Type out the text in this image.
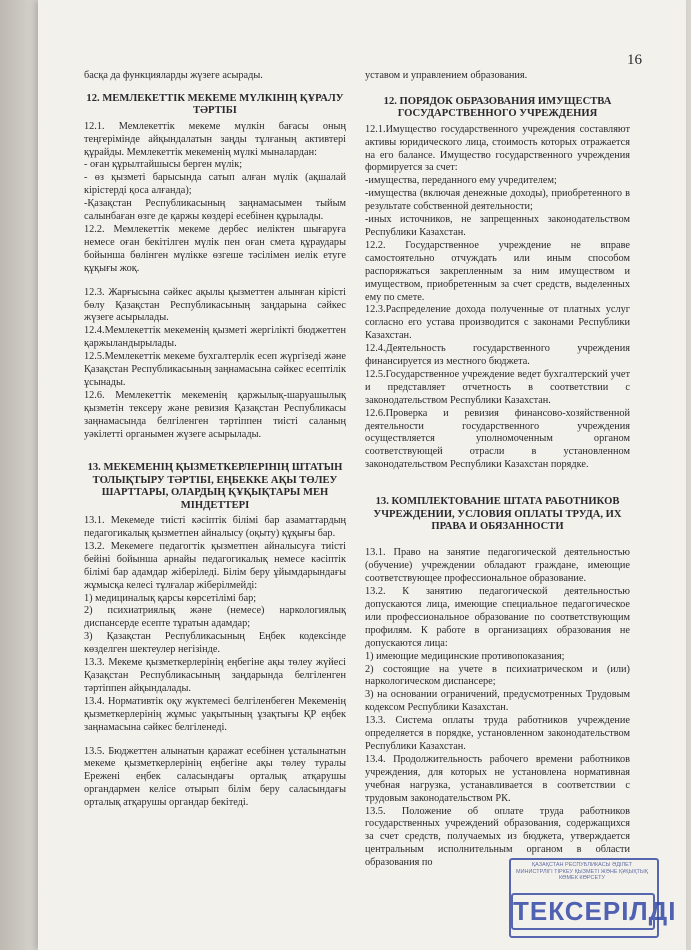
16

басқа да функцияларды жүзеге асырады.

12. МЕМЛЕКЕТТІК МЕКЕМЕ МҮЛКІНІҢ ҚҰРАЛУ ТӘРТІБІ

12.1. Мемлекеттік мекеме мүлкін бағасы оның теңгерімінде айқындалатын заңды тұлғаның активтері құрайды. Мемлекеттік мекеменің мүлкі мыналардан:

- оған құрылтайшысы берген мүлік;

- өз қызметі барысында сатып алған мүлік (ақшалай кірістерді қоса алғанда);

-Қазақстан Республикасының заңнамасымен тыйым салынбаған өзге де қаржы көздері есебінен құрылады.

12.2. Мемлекеттік мекеме дербес иеліктен шығаруға немесе оған бекітілген мүлік пен оған смета құраудары бойынша бөлінген мүлікке өзгеше тәсілімен иелік етуге құқығы жоқ.

12.3. Жарғысына сәйкес ақылы қызметтен алынған кірісті бөлу Қазақстан Республикасының заңдарына сәйкес жүзеге асырылады.

12.4.Мемлекеттік мекеменің қызметі жергілікті бюджеттен қаржыландырылады.

12.5.Мемлекеттік мекеме бухгалтерлік есеп жүргізеді және Қазақстан Республикасының заңнамасына сәйкес есептілік ұсынады.

12.6. Мемлекеттік мекеменің қаржылық-шаруашылық қызметін тексеру және ревизия Қазақстан Республикасы заңнамасында белгіленген тәртіппен тиісті саланың уәкілетті органымен жүзеге асырылады.

13. МЕКЕМЕНІҢ ҚЫЗМЕТКЕРЛЕРІНІҢ ШТАТЫН ТОЛЫҚТЫРУ ТӘРТІБІ, ЕҢБЕККЕ АҚЫ ТӨЛЕУ ШАРТТАРЫ, ОЛАРДЫҢ ҚҰҚЫҚТАРЫ МЕН МІНДЕТТЕРІ

13.1. Мекемеде тиісті кәсіптік білімі бар азаматтардың педагогикалық қызметпен айналысу (оқыту) құқығы бар.

13.2. Мекемеге педагогтік қызметпен айналысуға тиісті бейіні бойынша арнайы педагогикалық немесе кәсіптік білімі бар адамдар жіберіледі. Білім беру ұйымдарындағы жұмысқа келесі тұлғалар жіберілмейді:

1) медициналық қарсы көрсетілімі бар;

2) психиатриялық және (немесе) наркологиялық диспансерде есепте тұратын адамдар;

3) Қазақстан Республикасының Еңбек кодексінде көзделген шектеулер негізінде.

13.3. Мекеме қызметкерлерінің еңбегіне ақы төлеу жүйесі Қазақстан Республикасының заңдарында белгіленген тәртіппен айқындалады.

13.4. Нормативтік оқу жүктемесі белгіленбеген Мекеменің қызметкерлерінің жұмыс уақытының ұзақтығы ҚР еңбек заңнамасына сәйкес белгіленеді.

13.5. Бюджеттен алынатын қаражат есебінен ұсталынатын мекеме қызметкерлерінің еңбегіне ақы төлеу туралы Ережені еңбек саласындағы орталық атқарушы органдармен келісе отырып білім беру саласындағы орталық атқарушы органдар бекітеді.

уставом и управлением образования.

12. ПОРЯДОК ОБРАЗОВАНИЯ ИМУЩЕСТВА ГОСУДАРСТВЕННОГО УЧРЕЖДЕНИЯ

12.1.Имущество государственного учреждения составляют активы юридического лица, стоимость которых отражается на его балансе. Имущество государственного учреждения формируется за счет:

-имущества, переданного ему учредителем;

-имущества (включая денежные доходы), приобретенного в результате собственной деятельности;

-иных источников, не запрещенных законодательством Республики Казахстан.

12.2. Государственное учреждение не вправе самостоятельно отчуждать или иным способом распоряжаться закрепленным за ним имуществом и имуществом, приобретенным за счет средств, выделенных ему по смете.

12.3.Распределение дохода полученные от платных услуг согласно его устава производится с законами Республики Казахстан.

12.4.Деятельность государственного учреждения финансируется из местного бюджета.

12.5.Государственное учреждение ведет бухгалтерский учет и представляет отчетность в соответствии с законодательством Республики Казахстан.

12.6.Проверка и ревизия финансово-хозяйственной деятельности государственного учреждения осуществляется уполномоченным органом соответствующей отрасли в установленном законодательством Республики Казахстан порядке.

13. КОМПЛЕКТОВАНИЕ ШТАТА РАБОТНИКОВ УЧРЕЖДЕНИИ, УСЛОВИЯ ОПЛАТЫ ТРУДА, ИХ ПРАВА И ОБЯЗАННОСТИ

13.1. Право на занятие педагогической деятельностью (обучение) учреждении обладают граждане, имеющие соответствующее профессиональное образование.

13.2. К занятию педагогической деятельностью допускаются лица, имеющие специальное педагогическое или профессиональное образование по соответствующим профилям. К работе в организациях образования не допускаются лица:

1) имеющие медицинские противопоказания;

2) состоящие на учете в психиатрическом и (или) наркологическом диспансере;

3) на основании ограничений, предусмотренных Трудовым кодексом Республики Казахстан.

13.3. Система оплаты труда работников учреждение определяется в порядке, установленном законодательством Республики Казахстан.

13.4. Продолжительность рабочего времени работников учреждения, для которых не установлена нормативная учебная нагрузка, устанавливается в соответствии с трудовым законодательством РК.

13.5. Положение об оплате труда работников государственных учреждений образования, содержащихся за счет средств, получаемых из бюджета, утверждается центральным исполнительным органом в области образования по	ҚАЗАҚСТАН РЕСПУБЛИКАСЫ ӘДІЛЕТ МИНИСТРЛІГІ ТІРКЕУ ҚЫЗМЕТІ ЖӘНЕ ҚҰҚЫҚТЫҚ КӨМЕК КӨРСЕТУ
ТЕКСЕРІЛДІ
